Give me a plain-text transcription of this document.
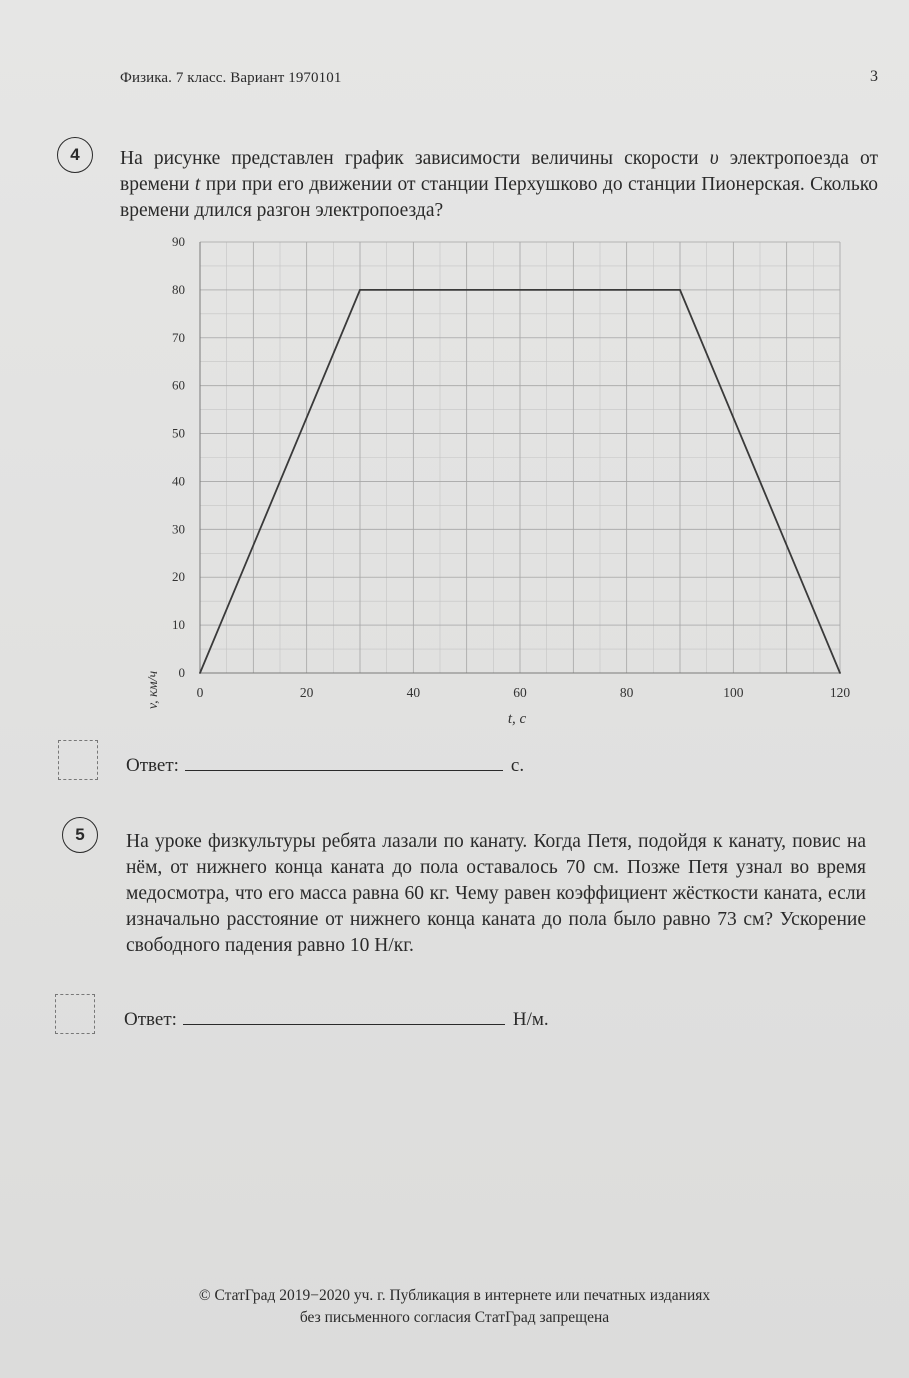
Физика. 7 класс. Вариант 1970101	3
4	На рисунке представлен график зависимости величины скорости υ электропоезда от времени t при при его движении от станции Перхушково до станции Пионерская. Сколько времени длился разгон электропоезда?
0
10
20
30
40
50
60
70
80
90
0	20	40	60	80	100	120
v, км/ч
t, c
Ответ:	с.
5	На уроке физкультуры ребята лазали по канату. Когда Петя, подойдя к канату, повис на нём, от нижнего конца каната до пола оставалось 70 см. Позже Петя узнал во время медосмотра, что его масса равна 60 кг. Чему равен коэффициент жёсткости каната, если изначально расстояние от нижнего конца каната до пола было равно 73 см? Ускорение свободного падения равно 10 Н/кг.
Ответ:	Н/м.
© СтатГрад 2019−2020 уч. г. Публикация в интернете или печатных изданиях
без письменного согласия СтатГрад запрещена
